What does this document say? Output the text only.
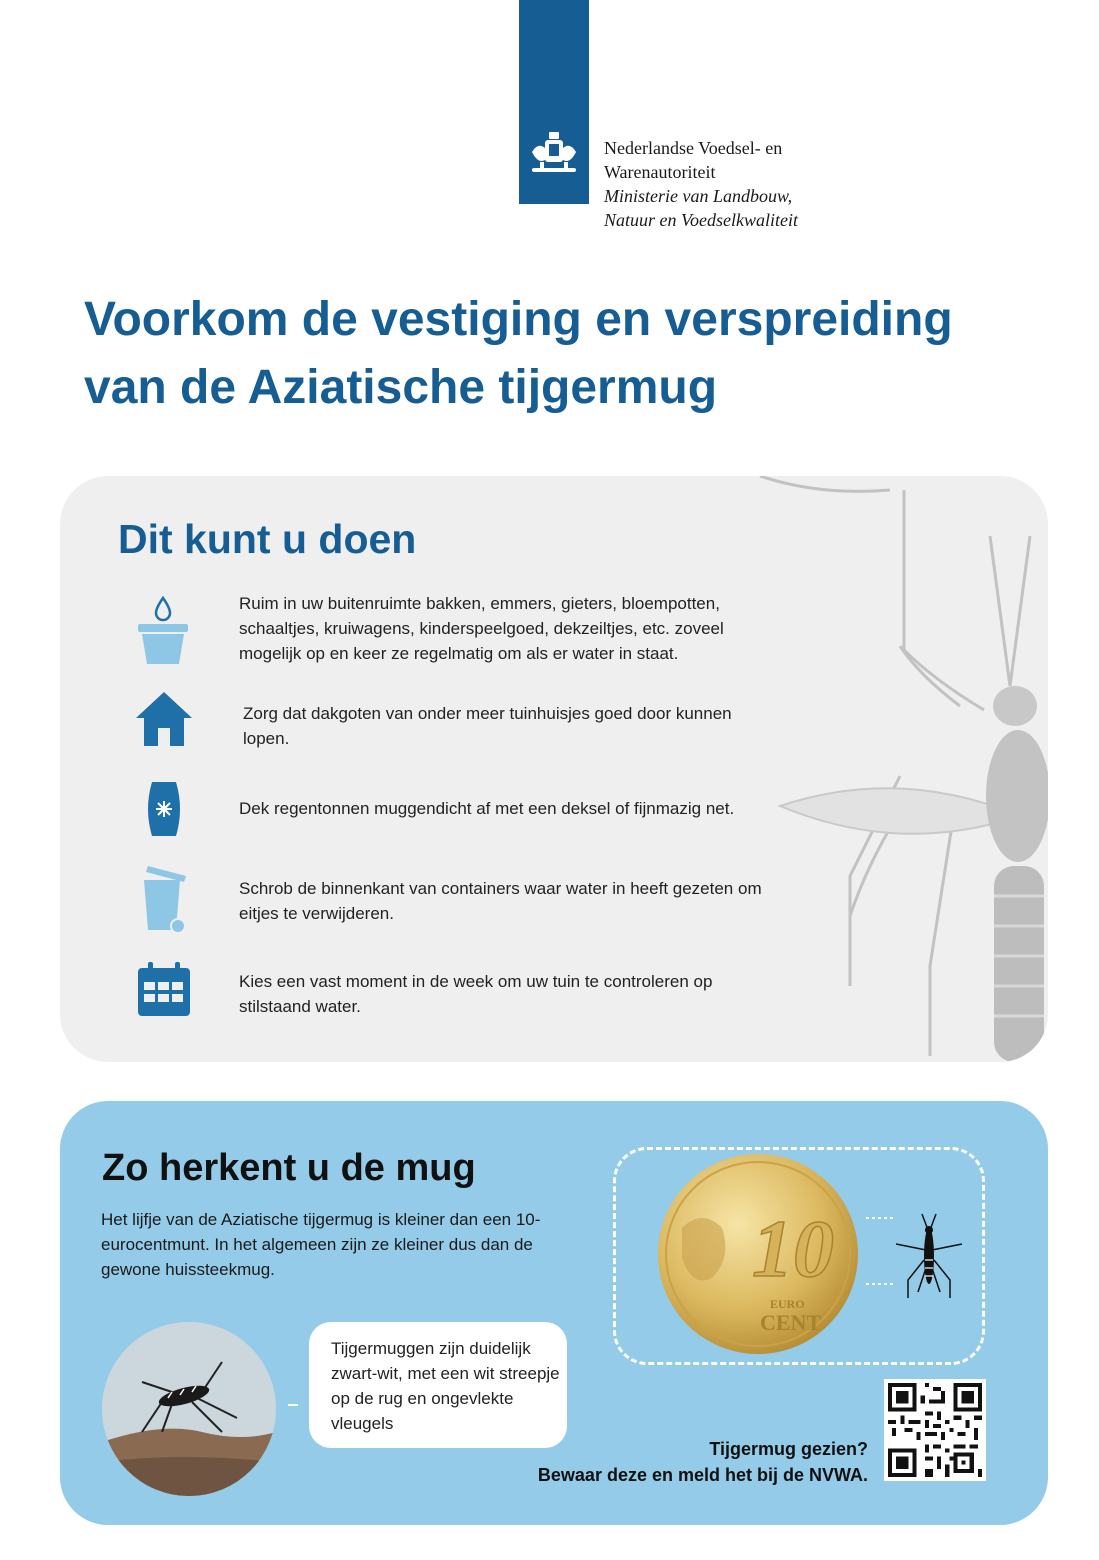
Nederlandse Voedsel- en
Warenautoriteit
Ministerie van Landbouw,
Natuur en Voedselkwaliteit
Voorkom de vestiging en verspreiding
van de Aziatische tijgermug
Dit kunt u doen
Ruim in uw buitenruimte bakken, emmers, gieters, bloempotten, schaaltjes, kruiwagens, kinderspeelgoed, dekzeiltjes, etc. zoveel mogelijk op en keer ze regelmatig om als er water in staat.
Zorg dat dakgoten van onder meer tuinhuisjes goed door kunnen lopen.
Dek regentonnen muggendicht af met een deksel of fijnmazig net.
Schrob de binnenkant van containers waar water in heeft gezeten om eitjes te verwijderen.
Kies een vast moment in de week om uw tuin te controleren op stilstaand water.
Zo herkent u de mug
Het lijfje van de Aziatische tijgermug is kleiner dan een 10-eurocentmunt. In het algemeen zijn ze kleiner dus dan de gewone huissteekmug.
Tijgermuggen zijn duidelijk zwart-wit, met een wit streepje op de rug en ongevlekte vleugels
10
EURO
CENT
Tijgermug gezien?
Bewaar deze en meld het bij de NVWA.
